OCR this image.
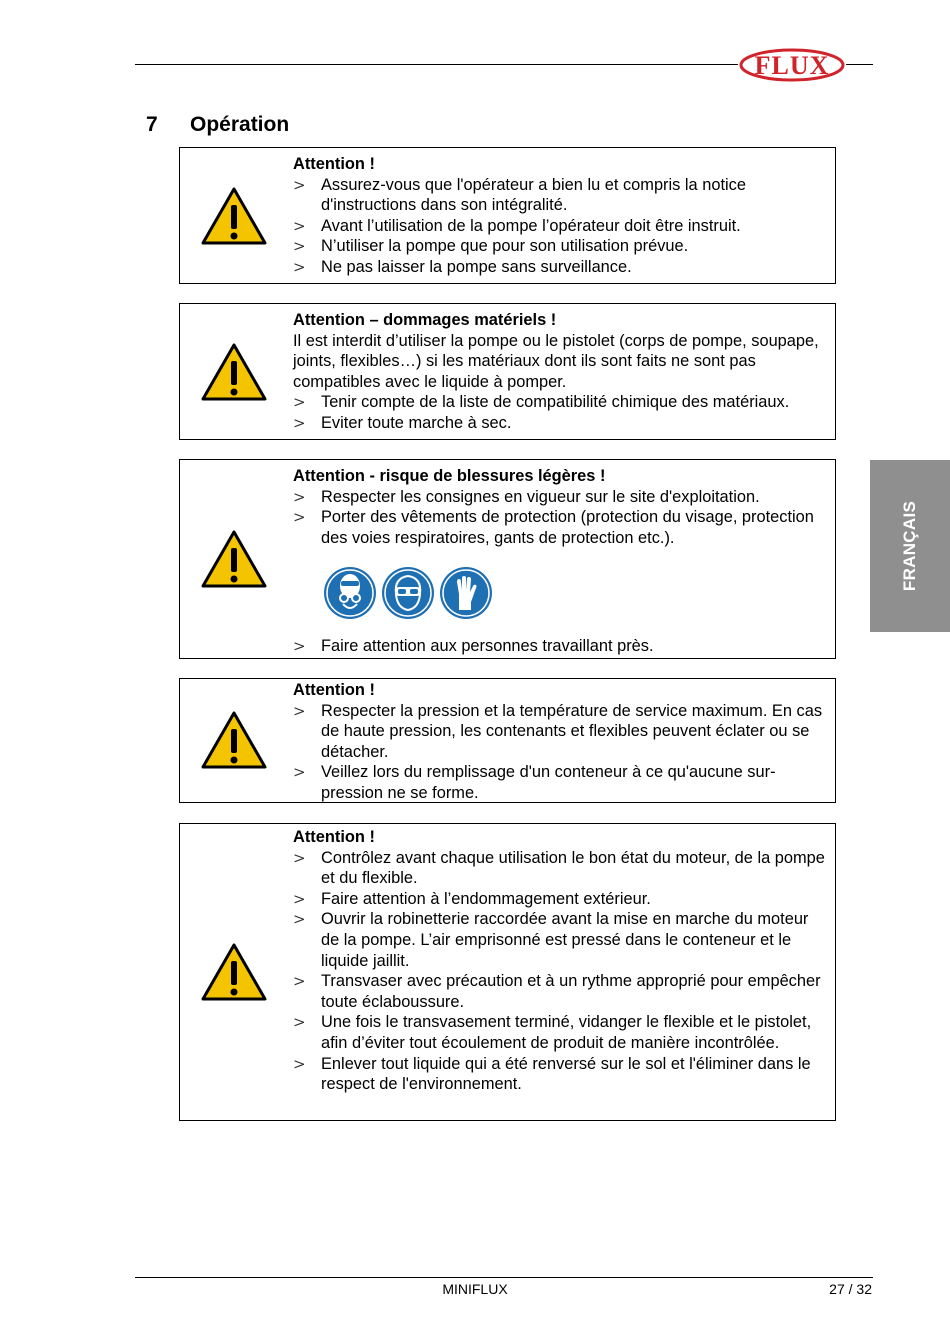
FLUX
7 Opération
Attention !
> Assurez-vous que l'opérateur a bien lu et compris la notice d'instructions dans son intégralité.
> Avant l’utilisation de la pompe l’opérateur doit être instruit.
> N’utiliser la pompe que pour son utilisation prévue.
> Ne pas laisser la pompe sans surveillance.
Attention – dommages matériels !
Il est interdit d’utiliser la pompe ou le pistolet (corps de pompe, soupape, joints, flexibles…) si les matériaux dont ils sont faits ne sont pas compatibles avec le liquide à pomper.
> Tenir compte de la liste de compatibilité chimique des matériaux.
> Eviter toute marche à sec.
Attention - risque de blessures légères !
> Respecter les consignes en vigueur sur le site d'exploitation.
> Porter des vêtements de protection (protection du visage, protection des voies respiratoires, gants de protection etc.).
> Faire attention aux personnes travaillant près.
Attention !
> Respecter la pression et la température de service maximum. En cas de haute pression, les contenants et flexibles peuvent éclater ou se détacher.
> Veillez lors du remplissage d'un conteneur à ce qu'aucune surpression ne se forme.
Attention !
> Contrôlez avant chaque utilisation le bon état du moteur, de la pompe et du flexible.
> Faire attention à l’endommagement extérieur.
> Ouvrir la robinetterie raccordée avant la mise en marche du moteur de la pompe. L’air emprisonné est pressé dans le conteneur et le liquide jaillit.
> Transvaser avec précaution et à un rythme approprié pour empêcher toute éclaboussure.
> Une fois le transvasement terminé, vidanger le flexible et le pistolet, afin d’éviter tout écoulement de produit de manière incontrôlée.
> Enlever tout liquide qui a été renversé sur le sol et l'éliminer dans le respect de l'environnement.
FRANÇAIS
MINIFLUX	27 / 32
